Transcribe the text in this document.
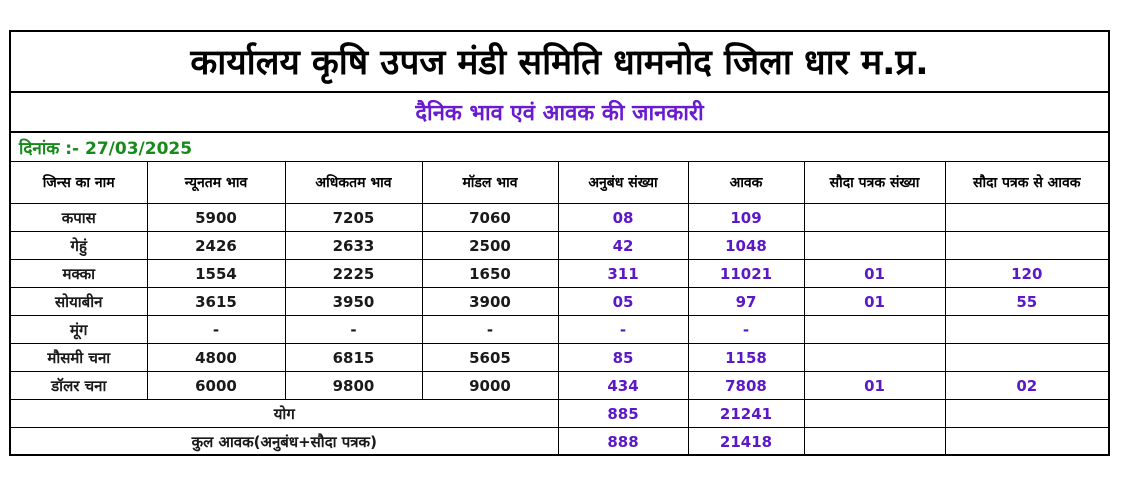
कार्यालय कृषि उपज मंडी समिति धामनोद जिला धार म.प्र.
दैनिक भाव एवं आवक की जानकारी
दिनांक :- 27/03/2025
जिन्स का नाम	न्यूनतम भाव	अधिकतम भाव	मॉडल भाव	अनुबंध संख्या	आवक	सौदा पत्रक संख्या	सौदा पत्रक से आवक
कपास	5900	7205	7060	08	109		
गेहुं	2426	2633	2500	42	1048		
मक्का	1554	2225	1650	311	11021	01	120
सोयाबीन	3615	3950	3900	05	97	01	55
मूंग	-	-	-	-	-		
मौसमी चना	4800	6815	5605	85	1158		
डॉलर चना	6000	9800	9000	434	7808	01	02
योग				885	21241		
कुल आवक(अनुबंध+सौदा पत्रक)				888	21418		
